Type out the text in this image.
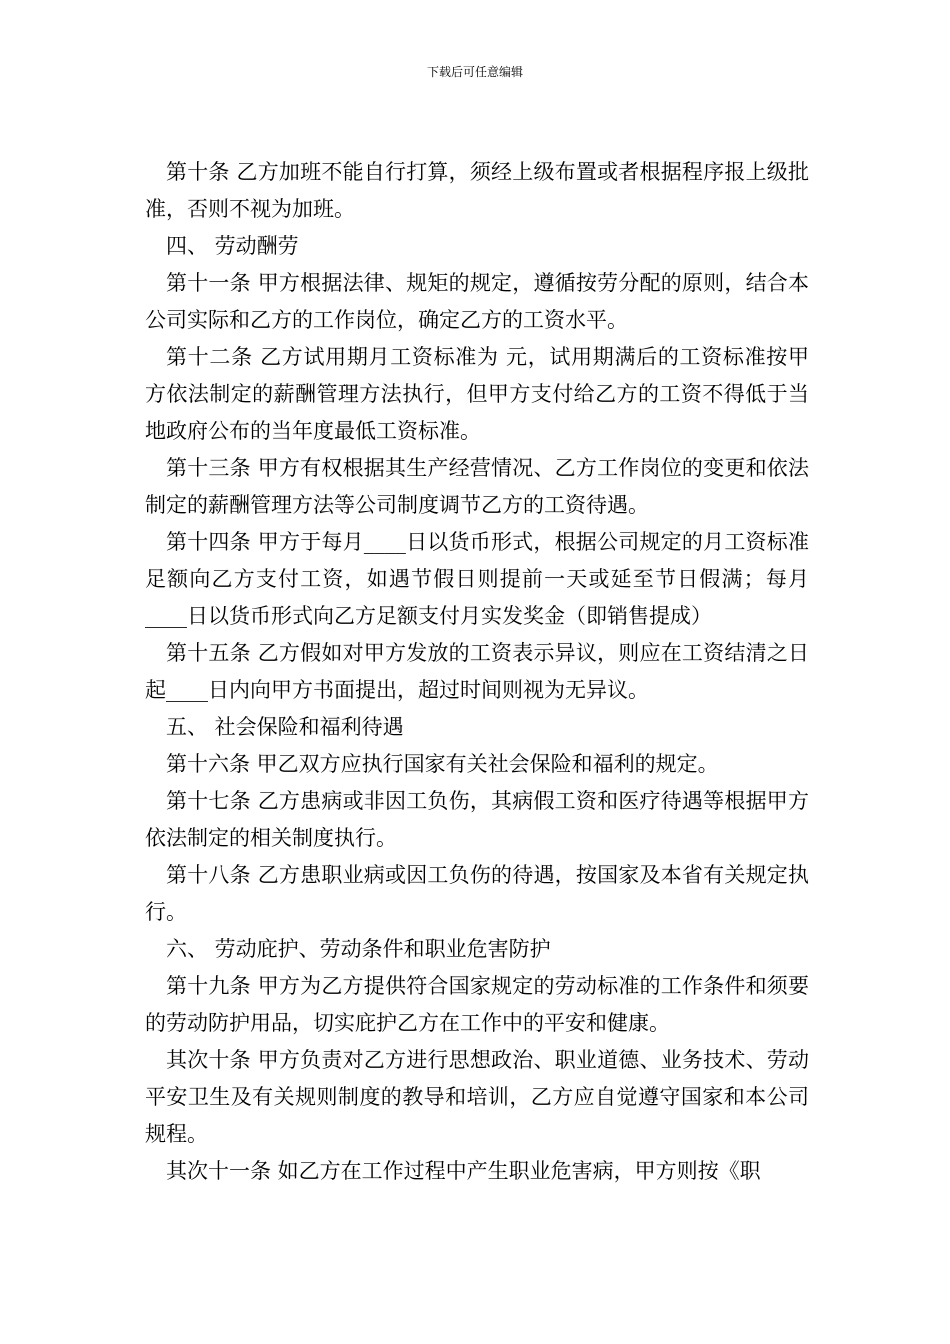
下载后可任意编辑

第十条 乙方加班不能自行打算，须经上级布置或者根据程序报上级批准，否则不视为加班。

四、 劳动酬劳

第十一条 甲方根据法律、规矩的规定，遵循按劳分配的原则，结合本公司实际和乙方的工作岗位，确定乙方的工资水平。

第十二条 乙方试用期月工资标准为 元，试用期满后的工资标准按甲方依法制定的薪酬管理方法执行，但甲方支付给乙方的工资不得低于当地政府公布的当年度最低工资标准。

第十三条 甲方有权根据其生产经营情况、乙方工作岗位的变更和依法制定的薪酬管理方法等公司制度调节乙方的工资待遇。

第十四条 甲方于每月____日以货币形式，根据公司规定的月工资标准足额向乙方支付工资，如遇节假日则提前一天或延至节日假满；每月____日以货币形式向乙方足额支付月实发奖金（即销售提成）

第十五条 乙方假如对甲方发放的工资表示异议，则应在工资结清之日起____日内向甲方书面提出，超过时间则视为无异议。

五、 社会保险和福利待遇

第十六条 甲乙双方应执行国家有关社会保险和福利的规定。

第十七条 乙方患病或非因工负伤，其病假工资和医疗待遇等根据甲方依法制定的相关制度执行。

第十八条 乙方患职业病或因工负伤的待遇，按国家及本省有关规定执行。

六、 劳动庇护、劳动条件和职业危害防护

第十九条 甲方为乙方提供符合国家规定的劳动标准的工作条件和须要的劳动防护用品，切实庇护乙方在工作中的平安和健康。

其次十条 甲方负责对乙方进行思想政治、职业道德、业务技术、劳动平安卫生及有关规则制度的教导和培训，乙方应自觉遵守国家和本公司规程。

其次十一条 如乙方在工作过程中产生职业危害病，甲方则按《职
